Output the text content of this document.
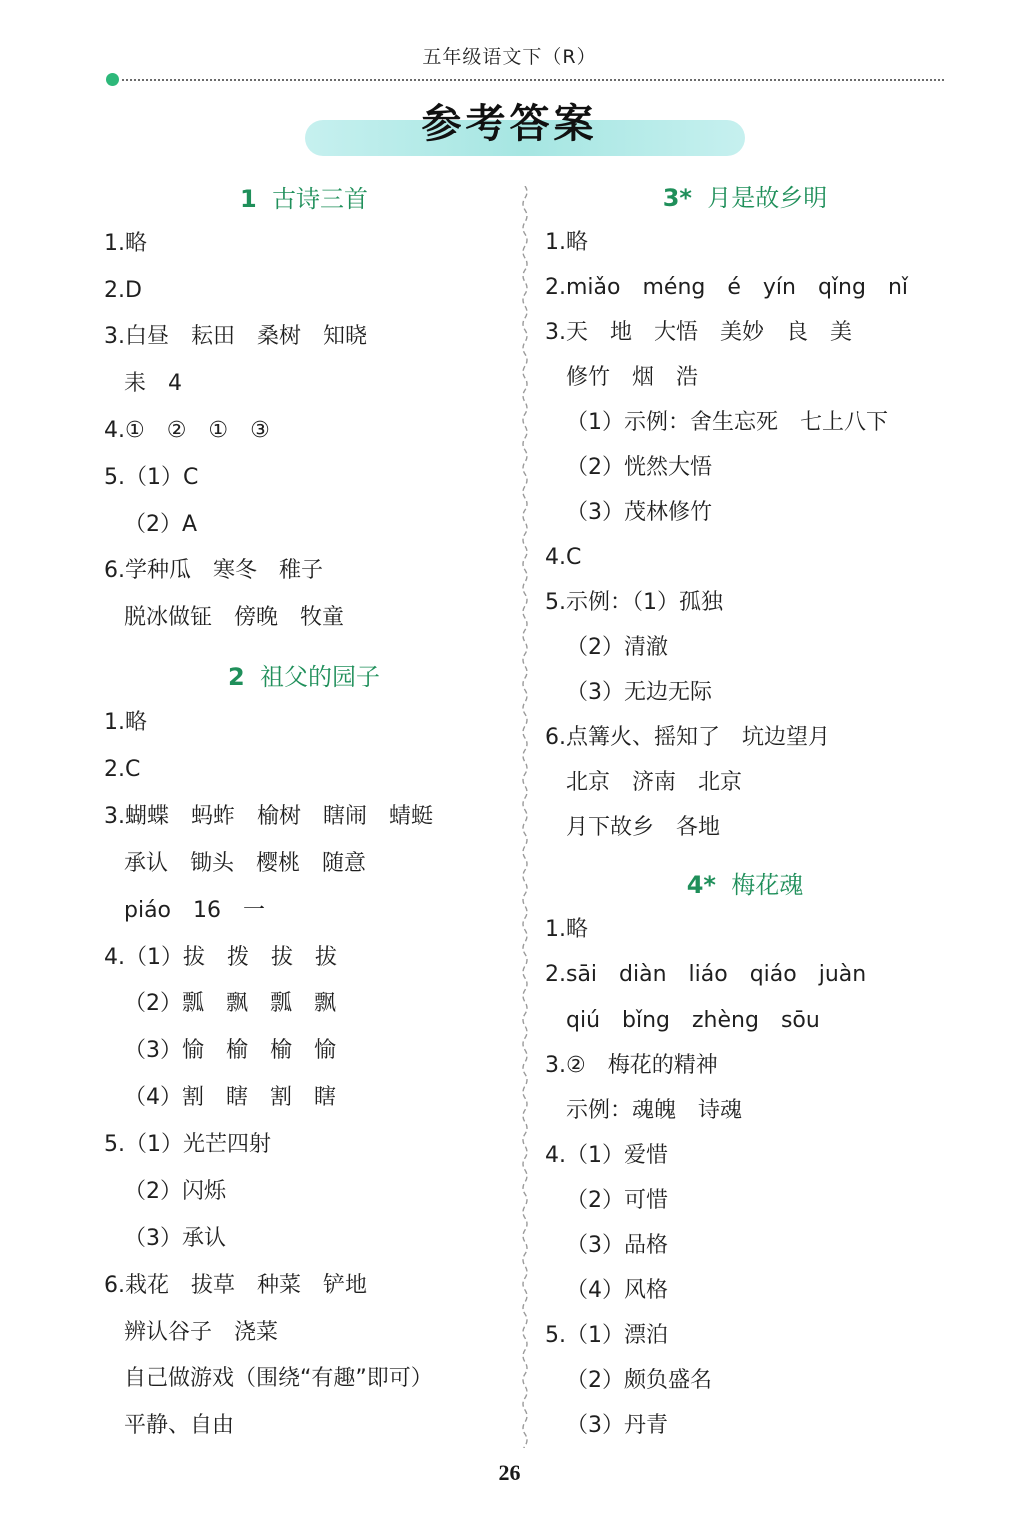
五年级语文下（R）
参考答案
1 古诗三首
1.略
2.D
3.白昼　耘田　桑树　知晓
耒　4
4.①　②　①　③
5.（1）C
（2）A
6.学种瓜　寒冬　稚子
脱冰做钲　傍晚　牧童
2 祖父的园子
1.略
2.C
3.蝴蝶　蚂蚱　榆树　瞎闹　蜻蜓
承认　锄头　樱桃　随意
piáo　16　一
4.（1）拔　拨　拔　拔
（2）瓢　飘　瓢　飘
（3）愉　榆　榆　愉
（4）割　瞎　割　瞎
5.（1）光芒四射
（2）闪烁
（3）承认
6.栽花　拔草　种菜　铲地
辨认谷子　浇菜
自己做游戏（围绕“有趣”即可）
平静、自由
3* 月是故乡明
1.略
2.miǎo　méng　é　yín　qǐng　nǐ
3.天　地　大悟　美妙　良　美
修竹　烟　浩
（1）示例：舍生忘死　七上八下
（2）恍然大悟
（3）茂林修竹
4.C
5.示例：（1）孤独
（2）清澈
（3）无边无际
6.点篝火、摇知了　坑边望月
北京　济南　北京
月下故乡　各地
4* 梅花魂
1.略
2.sāi　diàn　liáo　qiáo　juàn
qiú　bǐng　zhèng　sōu
3.②　梅花的精神
示例：魂魄　诗魂
4.（1）爱惜
（2）可惜
（3）品格
（4）风格
5.（1）漂泊
（2）颇负盛名
（3）丹青
26
